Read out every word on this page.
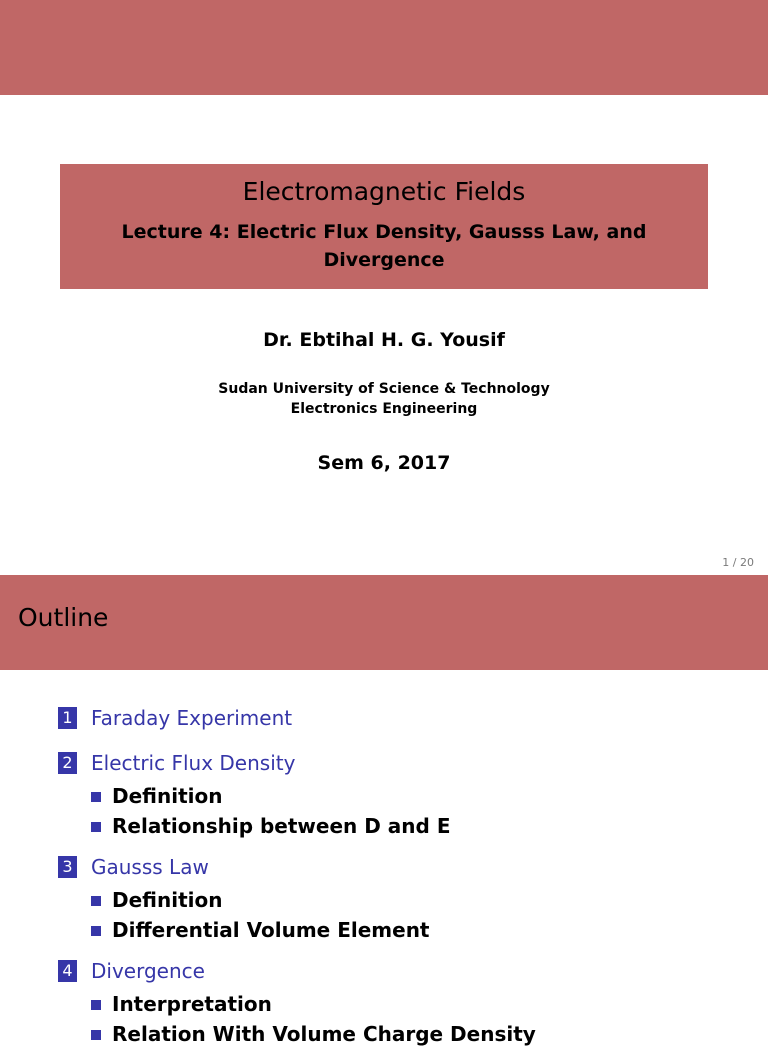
Electromagnetic Fields
Lecture 4: Electric Flux Density, Gausss Law, and Divergence
Dr. Ebtihal H. G. Yousif
Sudan University of Science & Technology
Electronics Engineering
Sem 6, 2017
1 / 20
Outline
1 Faraday Experiment
2 Electric Flux Density
Definition
Relationship between D and E
3 Gausss Law
Definition
Differential Volume Element
4 Divergence
Interpretation
Relation With Volume Charge Density
